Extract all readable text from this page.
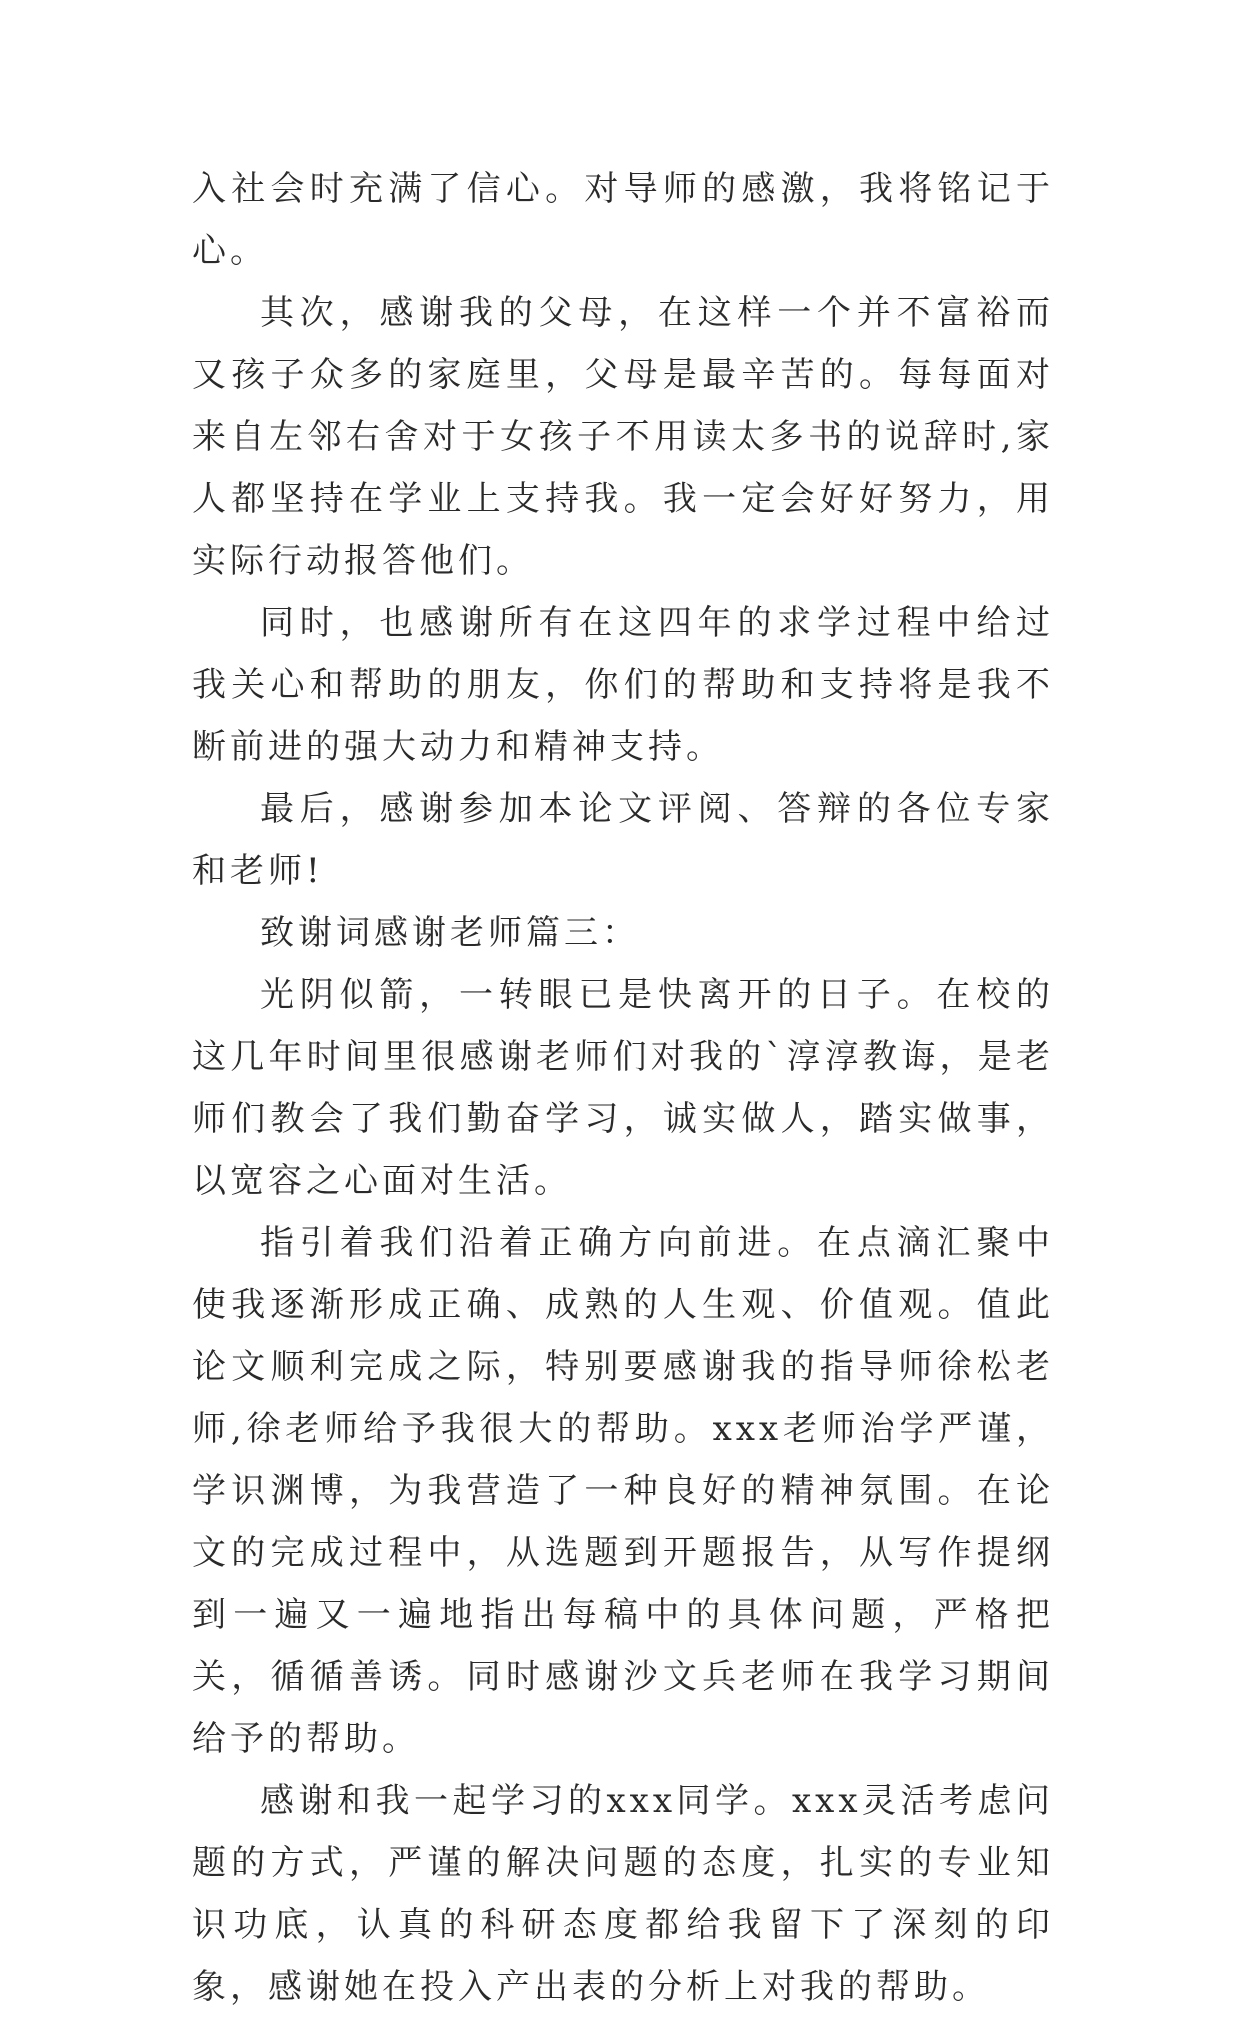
入社会时充满了信心。对导师的感激，我将铭记于心。

其次，感谢我的父母，在这样一个并不富裕而又孩子众多的家庭里，父母是最辛苦的。每每面对来自左邻右舍对于女孩子不用读太多书的说辞时,家人都坚持在学业上支持我。我一定会好好努力，用实际行动报答他们。

同时，也感谢所有在这四年的求学过程中给过我关心和帮助的朋友，你们的帮助和支持将是我不断前进的强大动力和精神支持。

最后，感谢参加本论文评阅、答辩的各位专家和老师!

致谢词感谢老师篇三：

光阴似箭，一转眼已是快离开的日子。在校的这几年时间里很感谢老师们对我的`淳淳教诲，是老师们教会了我们勤奋学习，诚实做人，踏实做事，以宽容之心面对生活。

指引着我们沿着正确方向前进。在点滴汇聚中使我逐渐形成正确、成熟的人生观、价值观。值此论文顺利完成之际，特别要感谢我的指导师徐松老师,徐老师给予我很大的帮助。xxx老师治学严谨，学识渊博，为我营造了一种良好的精神氛围。在论文的完成过程中，从选题到开题报告，从写作提纲到一遍又一遍地指出每稿中的具体问题，严格把关，循循善诱。同时感谢沙文兵老师在我学习期间给予的帮助。

感谢和我一起学习的xxx同学。xxx灵活考虑问题的方式，严谨的解决问题的态度，扎实的专业知识功底，认真的科研态度都给我留下了深刻的印象，感谢她在投入产出表的分析上对我的帮助。
